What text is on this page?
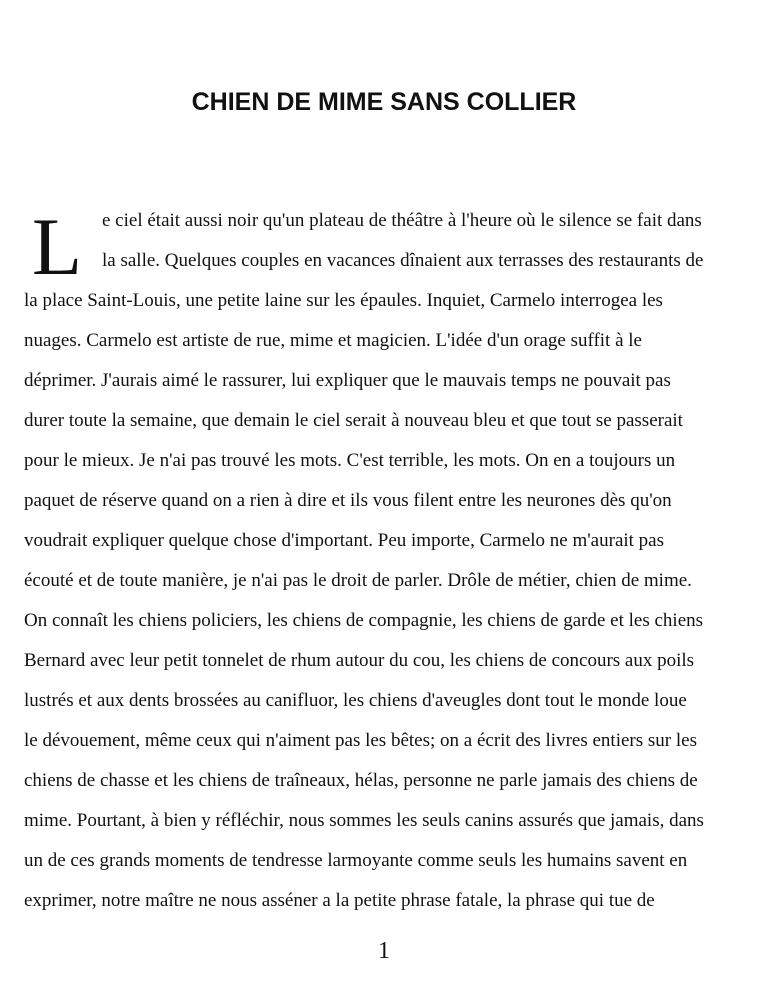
CHIEN DE MIME SANS COLLIER
L e ciel était aussi noir qu'un plateau de théâtre à l'heure où le silence se fait dans
la salle. Quelques couples en vacances dînaient aux terrasses des restaurants de
la place Saint-Louis, une petite laine sur les épaules. Inquiet, Carmelo interrogea les
nuages. Carmelo est artiste de rue, mime et magicien. L'idée d'un orage suffit à le
déprimer. J'aurais aimé le rassurer, lui expliquer que le mauvais temps ne pouvait pas
durer toute la semaine, que demain le ciel serait à nouveau bleu et que tout se passerait
pour le mieux. Je n'ai pas trouvé les mots. C'est terrible, les mots. On en a toujours un
paquet de réserve quand on a rien à dire et ils vous filent entre les neurones dès qu'on
voudrait expliquer quelque chose d'important. Peu importe, Carmelo ne m'aurait pas
écouté et de toute manière, je n'ai pas le droit de parler. Drôle de métier, chien de mime.
On connaît les chiens policiers, les chiens de compagnie, les chiens de garde et les chiens
Bernard avec leur petit tonnelet de rhum autour du cou, les chiens de concours aux poils
lustrés et aux dents brossées au canifluor, les chiens d'aveugles dont tout le monde loue
le dévouement, même ceux qui n'aiment pas les bêtes; on a écrit des livres entiers sur les
chiens de chasse et les chiens de traîneaux, hélas, personne ne parle jamais des chiens de
mime. Pourtant, à bien y réfléchir, nous sommes les seuls canins assurés que jamais, dans
un de ces grands moments de tendresse larmoyante comme seuls les humains savent en
exprimer, notre maître ne nous asséner a la petite phrase fatale, la phrase qui tue de
1
